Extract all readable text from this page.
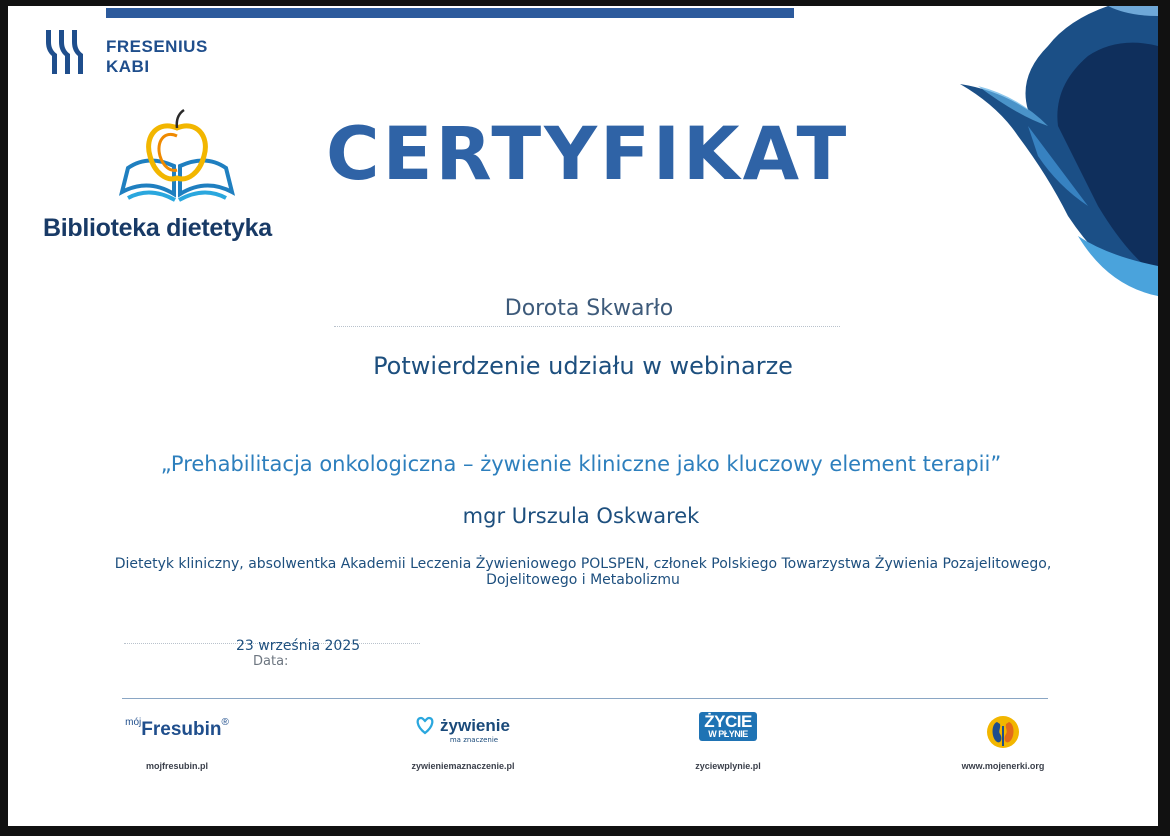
FRESENIUS
KABI
Biblioteka dietetyka
CERTYFIKAT
Dorota Skwarło
Potwierdzenie udziału w webinarze
„Prehabilitacja onkologiczna – żywienie kliniczne jako kluczowy element terapii”
mgr Urszula Oskwarek
Dietetyk kliniczny, absolwentka Akademii Leczenia Żywieniowego POLSPEN, członek Polskiego Towarzystwa Żywienia Pozajelitowego,
Dojelitowego i Metabolizmu
23 września 2025
Data:
$^{mój}$Fresubin®
mojfresubin.pl
żywienie
ma znaczenie
zywieniemaznaczenie.pl
ŻYCIE
W PŁYNIE
zyciewplynie.pl	www.mojenerki.org
